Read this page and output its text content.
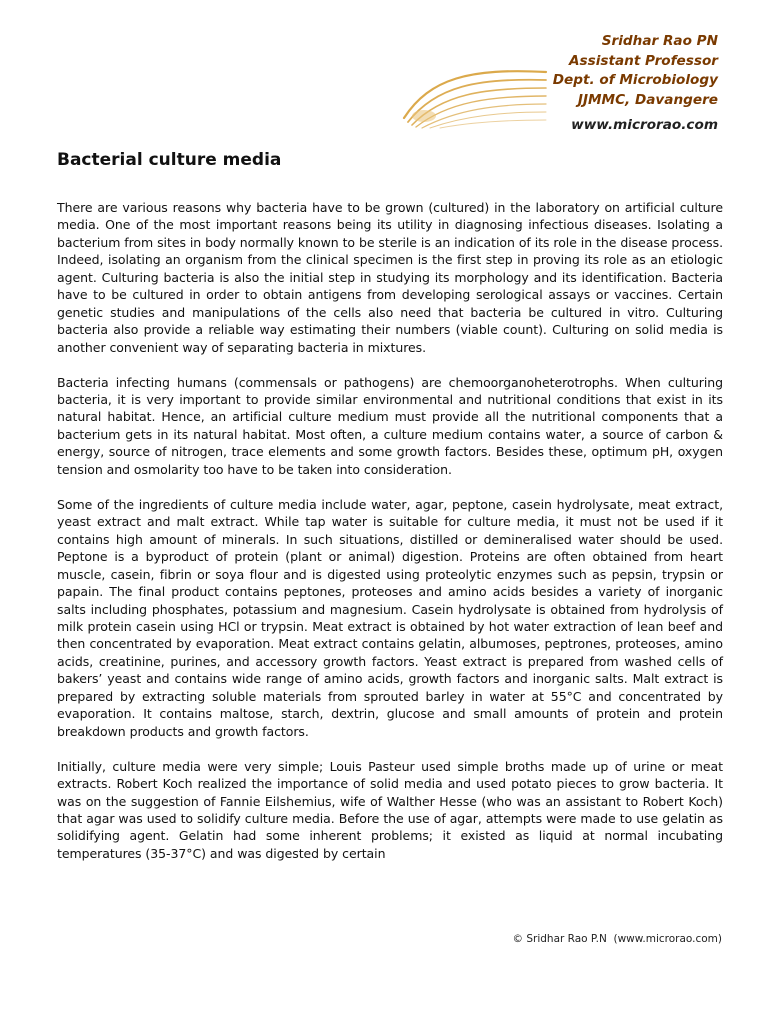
Sridhar Rao PN
Assistant Professor
Dept. of Microbiology
JJMMC, Davangere
www.microrao.com
Bacterial culture media

There are various reasons why bacteria have to be grown (cultured) in the laboratory on artificial culture media. One of the most important reasons being its utility in diagnosing infectious diseases. Isolating a bacterium from sites in body normally known to be sterile is an indication of its role in the disease process. Indeed, isolating an organism from the clinical specimen is the first step in proving its role as an etiologic agent. Culturing bacteria is also the initial step in studying its morphology and its identification. Bacteria have to be cultured in order to obtain antigens from developing serological assays or vaccines. Certain genetic studies and manipulations of the cells also need that bacteria be cultured in vitro. Culturing bacteria also provide a reliable way estimating their numbers (viable count). Culturing on solid media is another convenient way of separating bacteria in mixtures.

Bacteria infecting humans (commensals or pathogens) are chemoorganoheterotrophs. When culturing bacteria, it is very important to provide similar environmental and nutritional conditions that exist in its natural habitat. Hence, an artificial culture medium must provide all the nutritional components that a bacterium gets in its natural habitat. Most often, a culture medium contains water, a source of carbon & energy, source of nitrogen, trace elements and some growth factors. Besides these, optimum pH, oxygen tension and osmolarity too have to be taken into consideration.

Some of the ingredients of culture media include water, agar, peptone, casein hydrolysate, meat extract, yeast extract and malt extract. While tap water is suitable for culture media, it must not be used if it contains high amount of minerals. In such situations, distilled or demineralised water should be used. Peptone is a byproduct of protein (plant or animal) digestion. Proteins are often obtained from heart muscle, casein, fibrin or soya flour and is digested using proteolytic enzymes such as pepsin, trypsin or papain. The final product contains peptones, proteoses and amino acids besides a variety of inorganic salts including phosphates, potassium and magnesium. Casein hydrolysate is obtained from hydrolysis of milk protein casein using HCl or trypsin. Meat extract is obtained by hot water extraction of lean beef and then concentrated by evaporation. Meat extract contains gelatin, albumoses, peptrones, proteoses, amino acids, creatinine, purines, and accessory growth factors. Yeast extract is prepared from washed cells of bakers’ yeast and contains wide range of amino acids, growth factors and inorganic salts. Malt extract is prepared by extracting soluble materials from sprouted barley in water at 55°C and concentrated by evaporation. It contains maltose, starch, dextrin, glucose and small amounts of protein and protein breakdown products and growth factors.

Initially, culture media were very simple; Louis Pasteur used simple broths made up of urine or meat extracts. Robert Koch realized the importance of solid media and used potato pieces to grow bacteria. It was on the suggestion of Fannie Eilshemius, wife of Walther Hesse (who was an assistant to Robert Koch) that agar was used to solidify culture media. Before the use of agar, attempts were made to use gelatin as solidifying agent. Gelatin had some inherent problems; it existed as liquid at normal incubating temperatures (35-37°C) and was digested by certain

© Sridhar Rao P.N  (www.microrao.com)
